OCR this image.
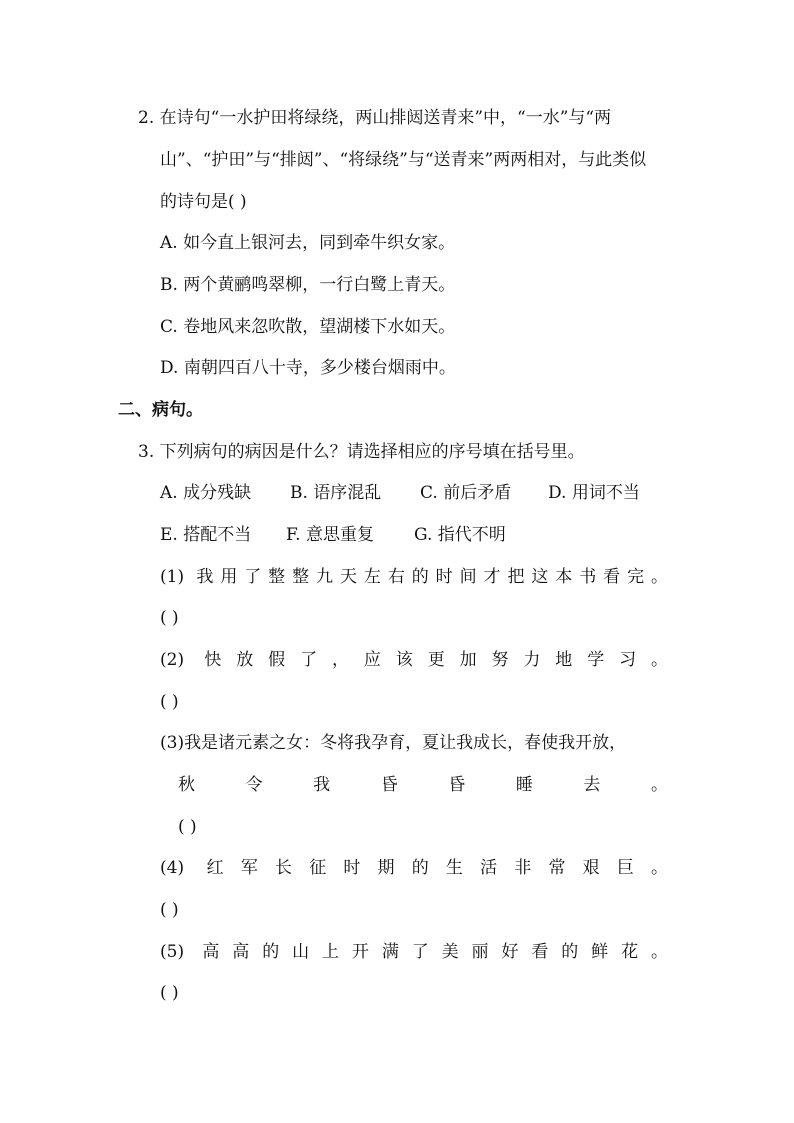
2. 在诗句“一水护田将绿绕，两山排闼送青来”中，“一水”与“两
山”、“护田”与“排闼”、“将绿绕”与“送青来”两两相对，与此类似
的诗句是( )
A. 如今直上银河去，同到牵牛织女家。
B. 两个黄鹂鸣翠柳，一行白鹭上青天。
C. 卷地风来忽吹散，望湖楼下水如天。
D. 南朝四百八十寺，多少楼台烟雨中。
二、病句。
3. 下列病句的病因是什么？请选择相应的序号填在括号里。
A. 成分残缺 B. 语序混乱 C. 前后矛盾 D. 用词不当
E. 搭配不当 F. 意思重复 G. 指代不明
(1) 我用了整整九天左右的时间才把这本书看完。
( )
(2) 快放假了，应该更加努力地学习。
( )
(3)我是诸元素之女：冬将我孕育，夏让我成长，春使我开放，
秋令我昏昏睡去。
( )
(4) 红军长征时期的生活非常艰巨。
( )
(5) 高高的山上开满了美丽好看的鲜花。
( )
